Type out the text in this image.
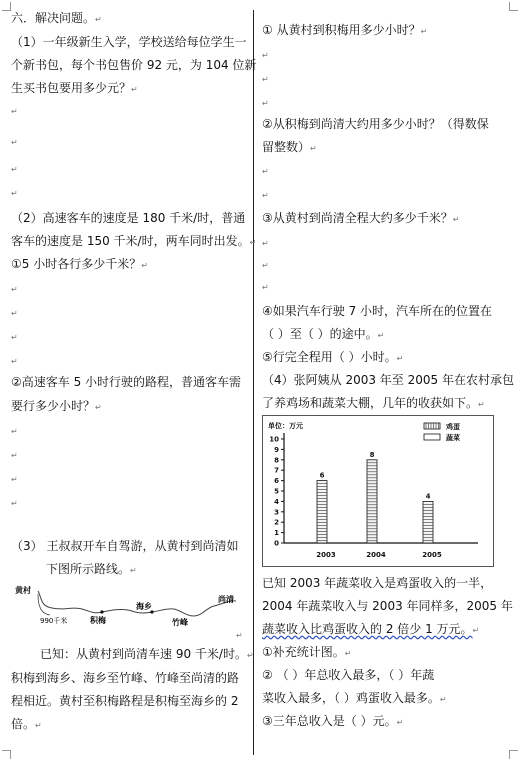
六．解决问题。↵
（1）一年级新生入学，学校送给每位学生一
个新书包，每个书包售价 92 元，为 104 位新
生买书包要用多少元？↵
↵
↵
↵
↵
（2）高速客车的速度是 180 千米/时，普通
客车的速度是 150 千米/时，两车同时出发。↵
①5 小时各行多少千米？↵
↵
↵
↵
↵
②高速客车 5 小时行驶的路程，普通客车需
要行多少小时？↵
↵
↵
↵
↵
（3） 王叔叔开车自驾游，从黄村到尚清如
下图所示路线。↵
黄村
积梅
海乡
竹峰
尚清
990千米
↵
已知：从黄村到尚清车速 90 千米/时。↵
积梅到海乡、海乡至竹峰、竹峰至尚清的路
程相近。黄村至积梅路程是积梅至海乡的 2
倍。↵
① 从黄村到积梅用多少小时？↵
↵
↵
↵
②从积梅到尚清大约用多少小时？（得数保
留整数）↵
↵
↵
③从黄村到尚清全程大约多少千米？↵
↵
↵
↵
④如果汽车行驶 7 小时，汽车所在的位置在
（ ）至（ ）的途中。↵
⑤行完全程用（ ）小时。↵
（4）张阿姨从 2003 年至 2005 年在农村承包
了养鸡场和蔬菜大棚，几年的收获如下。↵
单位：万元
0
1
2
3
4
5
6
7
8
9
10
6
8
4
2003	2004	2005
鸡蛋
蔬菜
已知 2003 年蔬菜收入是鸡蛋收入的一半，
2004 年蔬菜收入与 2003 年同样多，2005 年
蔬菜收入比鸡蛋收入的 2 倍少 1 万元。↵
①补充统计图。↵
② （ ）年总收入最多，（ ）年蔬
菜收入最多，（ ）鸡蛋收入最多。↵
③三年总收入是（ ）元。↵
